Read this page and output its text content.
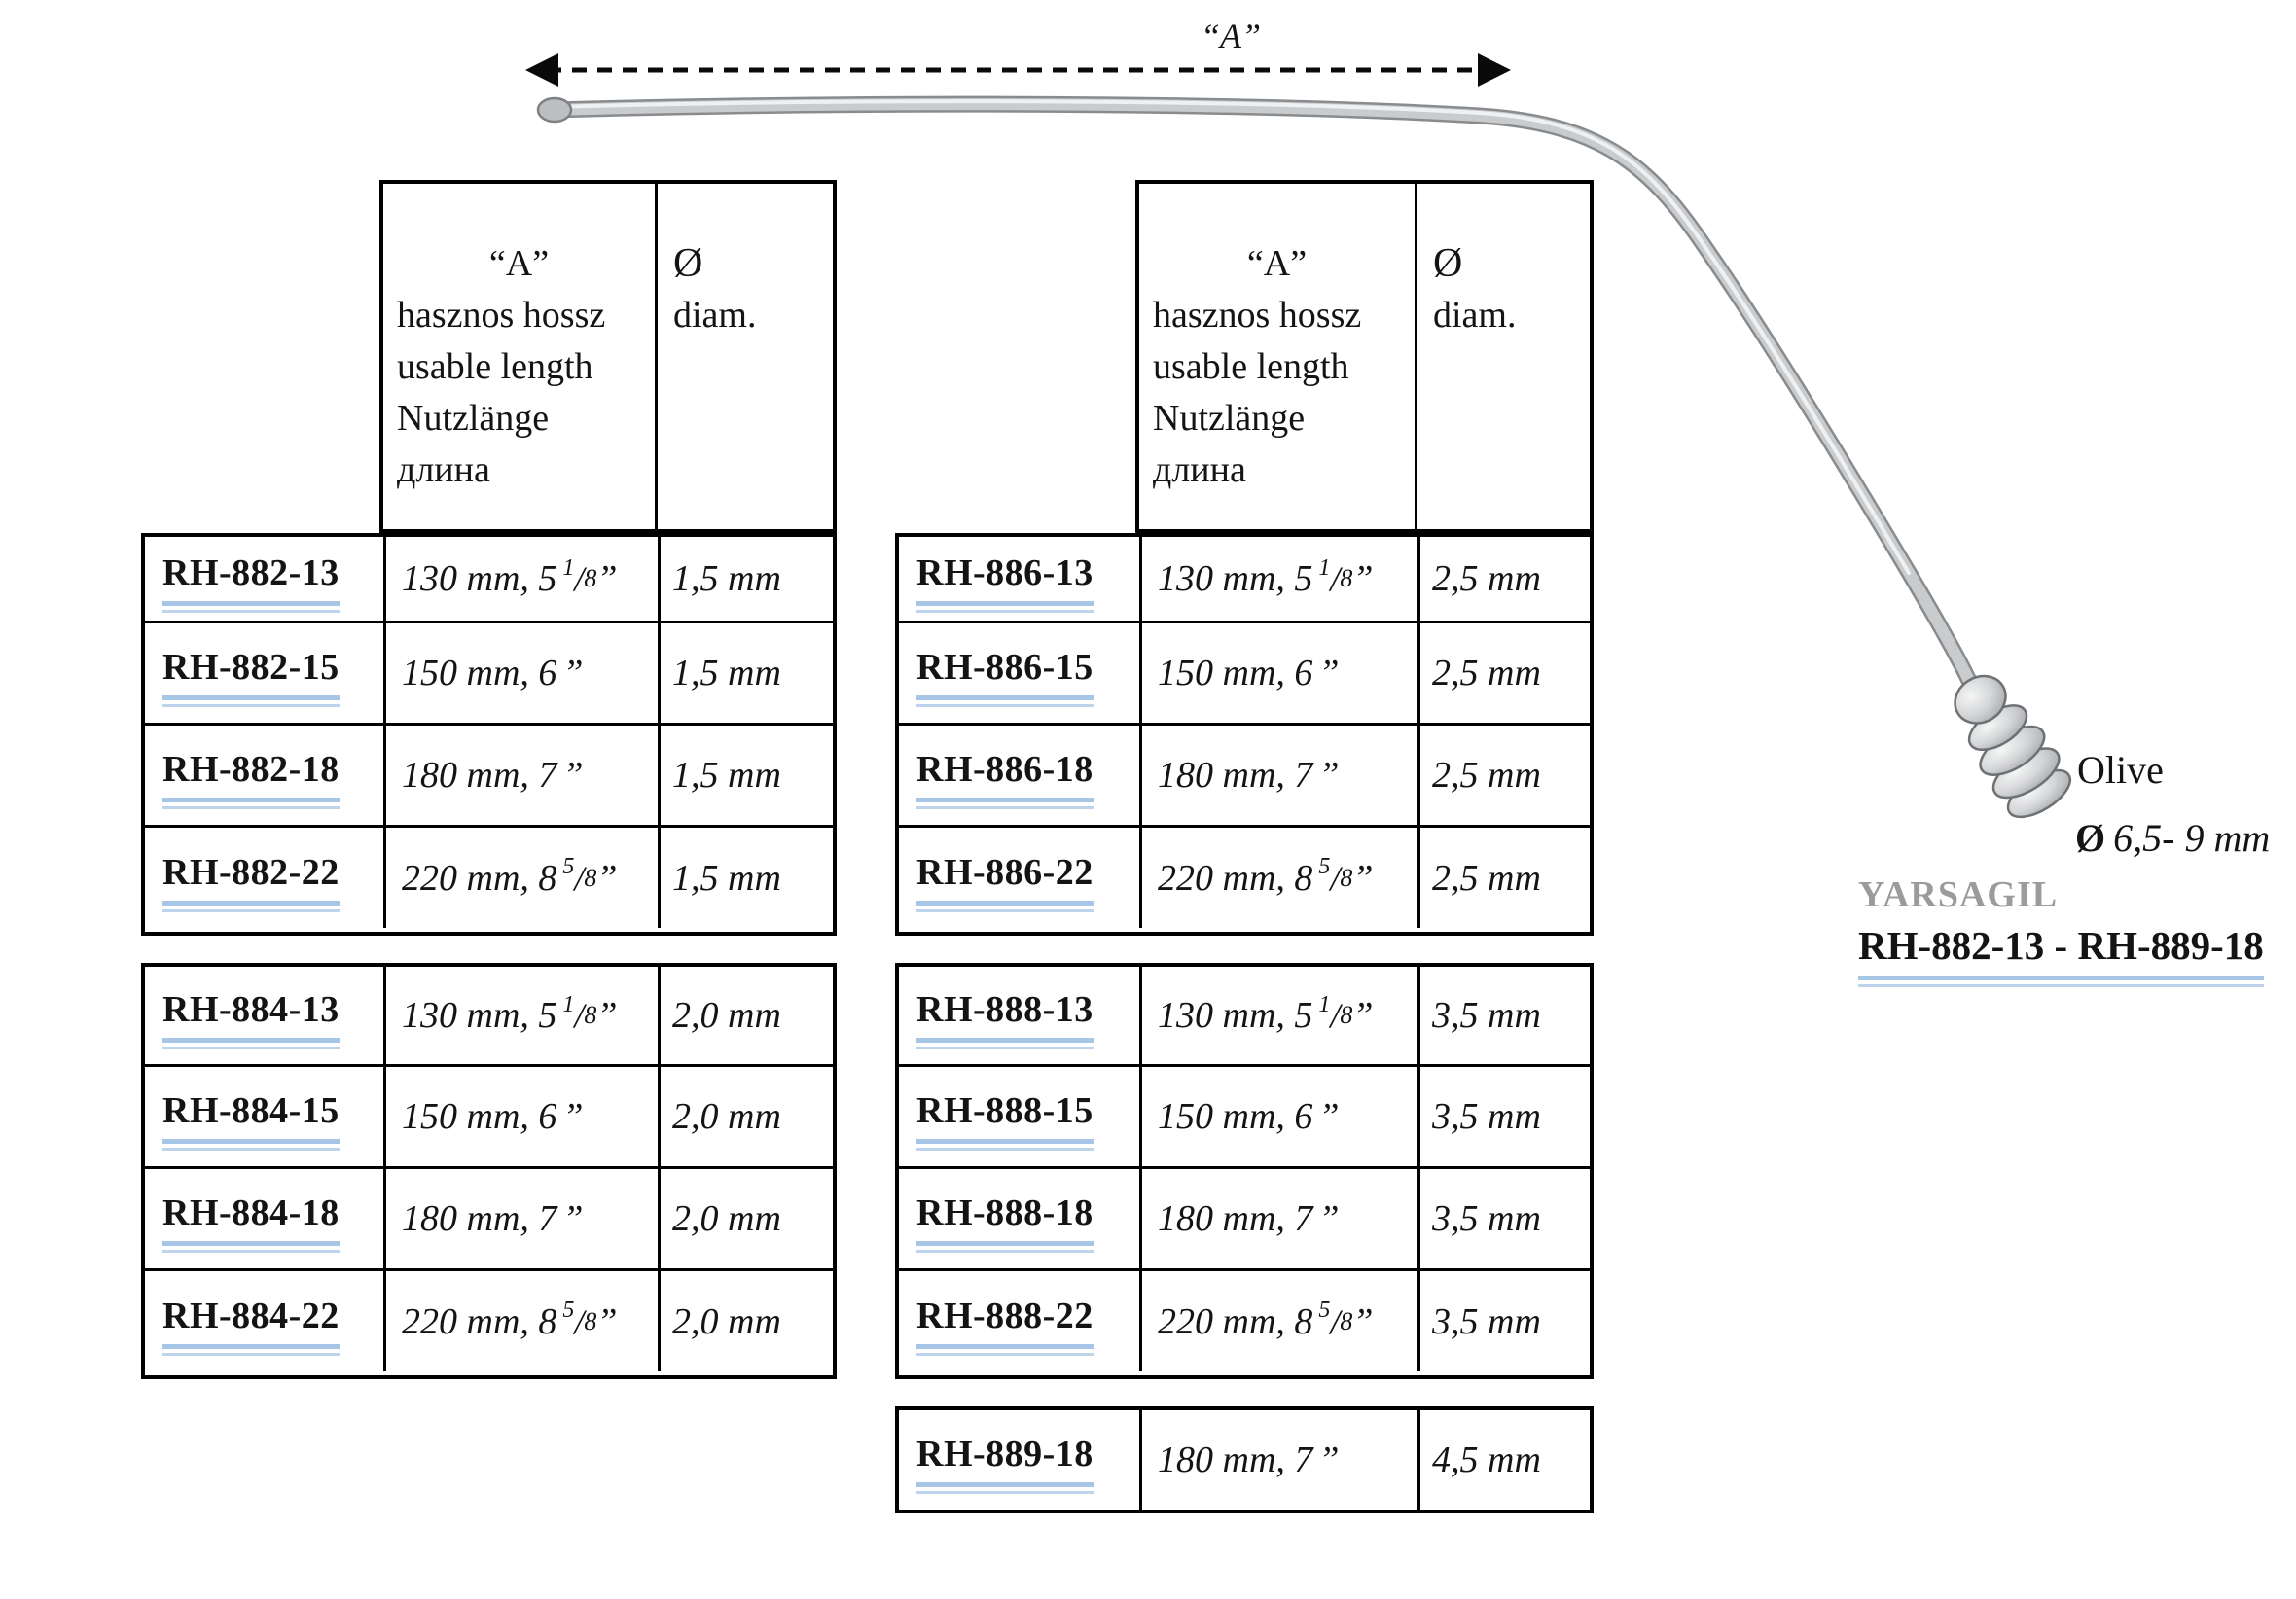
“A”
“A”
hasznos hossz
usable length
Nutzlänge
длина
Ø
diam.
RH-882-13 130 mm, 5 $^1$ / 8 ” 1,5 mm
RH-882-15 150 mm, 6 ” 1,5 mm
RH-882-18 180 mm, 7 ” 1,5 mm
RH-882-22 220 mm, 8 $^5$ / 8 ” 1,5 mm
RH-884-13 130 mm, 5 $^1$ / 8 ” 2,0 mm
RH-884-15 150 mm, 6 ” 2,0 mm
RH-884-18 180 mm, 7 ” 2,0 mm
RH-884-22 220 mm, 8 $^5$ / 8 ” 2,0 mm
“A”
hasznos hossz
usable length
Nutzlänge
длина
Ø
diam.
RH-886-13 130 mm, 5 $^1$ / 8 ” 2,5 mm
RH-886-15 150 mm, 6 ”	2,5 mm
RH-886-18 180 mm, 7 ”	2,5 mm
RH-886-22 220 mm, 8 $^5$ / 8 ” 2,5 mm
RH-888-13 130 mm, 5 $^1$ / 8 ” 3,5 mm
RH-888-15 150 mm, 6 ”	3,5 mm
RH-888-18 180 mm, 7 ”	3,5 mm
RH-888-22 220 mm, 8 $^5$ / 8 ” 3,5 mm
RH-889-18 180 mm, 7 ”	4,5 mm
Olive
Ø 6,5- 9 mm
YARSAGIL
RH-882-13 - RH-889-18
